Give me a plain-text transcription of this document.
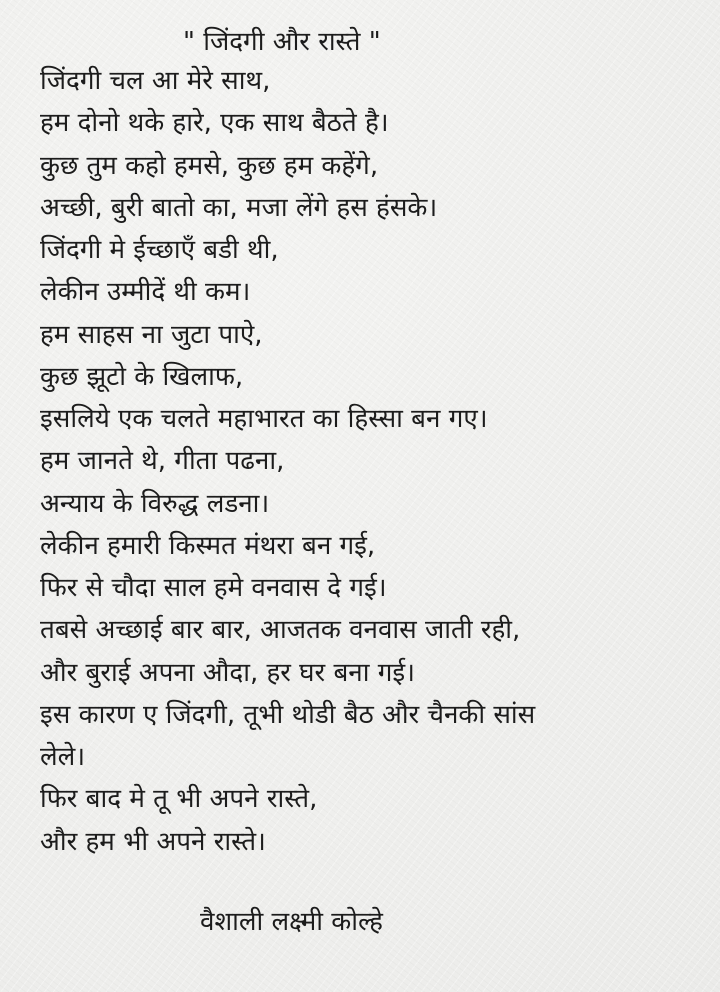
" जिंदगी और रास्ते "
जिंदगी चल आ मेरे साथ,
हम दोनो थके हारे, एक साथ बैठते है।
कुछ तुम कहो हमसे, कुछ हम कहेंगे,
अच्छी, बुरी बातो का, मजा लेंगे हस हंसके।
जिंदगी मे ईच्छाएँ बडी थी,
लेकीन उम्मीदें थी कम।
हम साहस ना जुटा पाऐ,
कुछ झूटो के खिलाफ,
इसलिये एक चलते महाभारत का हिस्सा बन गए।
हम जानते थे, गीता पढना,
अन्याय के विरुद्ध लडना।
लेकीन हमारी किस्मत मंथरा बन गई,
फिर से चौदा साल हमे वनवास दे गई।
तबसे अच्छाई बार बार, आजतक वनवास जाती रही,
और बुराई अपना औदा, हर घर बना गई।
इस कारण ए जिंदगी, तूभी थोडी बैठ और चैनकी सांस
लेले।
फिर बाद मे तू भी अपने रास्ते,
और हम भी अपने रास्ते।
वैशाली लक्ष्मी कोल्हे
